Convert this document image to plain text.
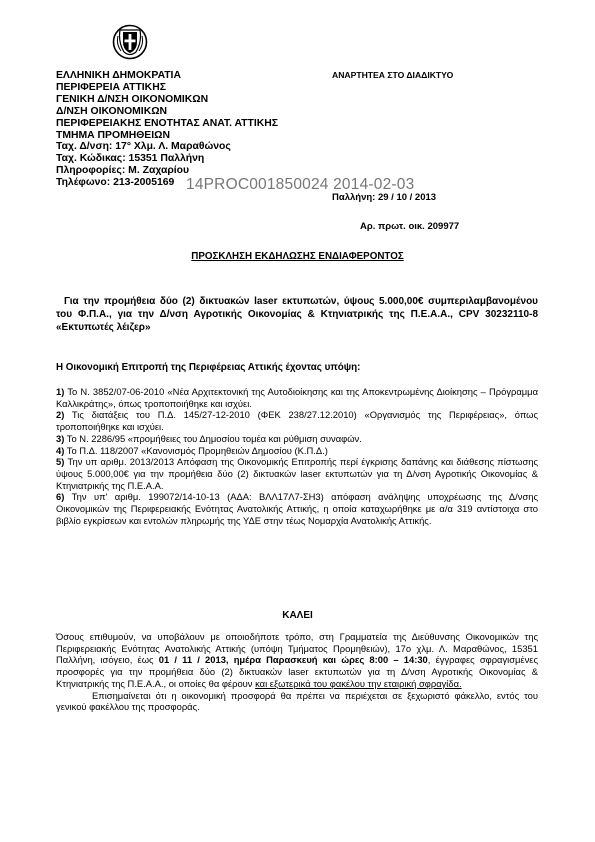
ΕΛΛΗΝΙΚΗ ΔΗΜΟΚΡΑΤΙΑ
ΠΕΡΙΦΕΡΕΙΑ ΑΤΤΙΚΗΣ
ΓΕΝΙΚΗ Δ/ΝΣΗ ΟΙΚΟΝΟΜΙΚΩΝ
Δ/ΝΣΗ ΟΙΚΟΝΟΜΙΚΩΝ
ΠΕΡΙΦΕΡΕΙΑΚΗΣ ΕΝΟΤΗΤΑΣ ΑΝΑΤ. ΑΤΤΙΚΗΣ
ΤΜΗΜΑ ΠΡΟΜΗΘΕΙΩΝ
Ταχ. Δ/νση: 17° Χλμ. Λ. Μαραθώνος
Ταχ. Κώδικας: 15351 Παλλήνη
Πληροφορίες: Μ. Ζαχαρίου
Τηλέφωνο: 213-2005169
ΑΝΑΡΤΗΤΕΑ ΣΤΟ ΔΙΑΔΙΚΤΥΟ
14PROC001850024 2014-02-03
Παλλήνη: 29 / 10 / 2013
Αρ. πρωτ. οικ. 209977
ΠΡΟΣΚΛΗΣΗ ΕΚΔΗΛΩΣΗΣ ΕΝΔΙΑΦΕΡΟΝΤΟΣ
Για την προμήθεια δύο (2) δικτυακών laser εκτυπωτών, ύψους 5.000,00€ συμπεριλαμβανομένου του Φ.Π.Α., για την Δ/νση Αγροτικής Οικονομίας & Κτηνιατρικής της Π.Ε.Α.Α., CPV 30232110-8 «Εκτυπωτές λέιζερ»
Η Οικονομική Επιτροπή της Περιφέρειας Αττικής έχοντας υπόψη:

1) Το Ν. 3852/07-06-2010 «Νέα Αρχιτεκτονική της Αυτοδιοίκησης και της Αποκεντρωμένης Διοίκησης – Πρόγραμμα Καλλικράτης», όπως τροποποιήθηκε και ισχύει.

2) Τις διατάξεις του Π.Δ. 145/27-12-2010 (ΦΕΚ 238/27.12.2010) «Οργανισμός της Περιφέρειας», όπως τροποποιήθηκε και ισχύει.

3) Το Ν. 2286/95 «προμήθειες του Δημοσίου τομέα και ρύθμιση συναφών.

4) Το Π.Δ. 118/2007 «Κανονισμός Προμηθειών Δημοσίου (Κ.Π.Δ.)

5) Την υπ αριθμ. 2013/2013 Απόφαση της Οικονομικής Επιτροπής περί έγκρισης δαπάνης και διάθεσης πίστωσης ύψους 5.000,00€ για την προμήθεια δύο (2) δικτυακών laser εκτυπωτών για τη Δ/νση Αγροτικής Οικονομίας & Κτηνιατρικής της Π.Ε.Α.Α.

6) Την υπ' αριθμ. 199072/14-10-13 (ΑΔΑ: ΒΛΛ17Λ7-ΣΗ3) απόφαση ανάληψης υποχρέωσης της Δ/νσης Οικονομικών της Περιφερειακής Ενότητας Ανατολικής Αττικής, η οποία καταχωρήθηκε με α/α 319 αντίστοιχα στο βιβλίο εγκρίσεων και εντολών πληρωμής της ΥΔΕ στην τέως Νομαρχία Ανατολικής Αττικής.

ΚΑΛΕΙ

Όσους επιθυμούν, να υποβάλουν με οποιοδήποτε τρόπο, στη Γραμματεία της Διεύθυνσης Οικονομικών της Περιφερειακής Ενότητας Ανατολικής Αττικής (υπόψη Τμήματος Προμηθειών), 17ο χλμ. Λ. Μαραθώνος, 15351 Παλλήνη, ισόγειο, έως 01 / 11 / 2013, ημέρα Παρασκευή και ώρες 8:00 – 14:30, έγγραφες σφραγισμένες προσφορές για την προμήθεια δύο (2) δικτυακών laser εκτυπωτών για τη Δ/νση Αγροτικής Οικονομίας & Κτηνιατρικής της Π.Ε.Α.Α., οι οποίες θα φέρουν και εξωτερικά του φακέλου την εταιρική σφραγίδα.

Επισημαίνεται ότι η οικονομική προσφορά θα πρέπει να περιέχεται σε ξεχωριστό φάκελλο, εντός του γενικού φακέλλου της προσφοράς.
